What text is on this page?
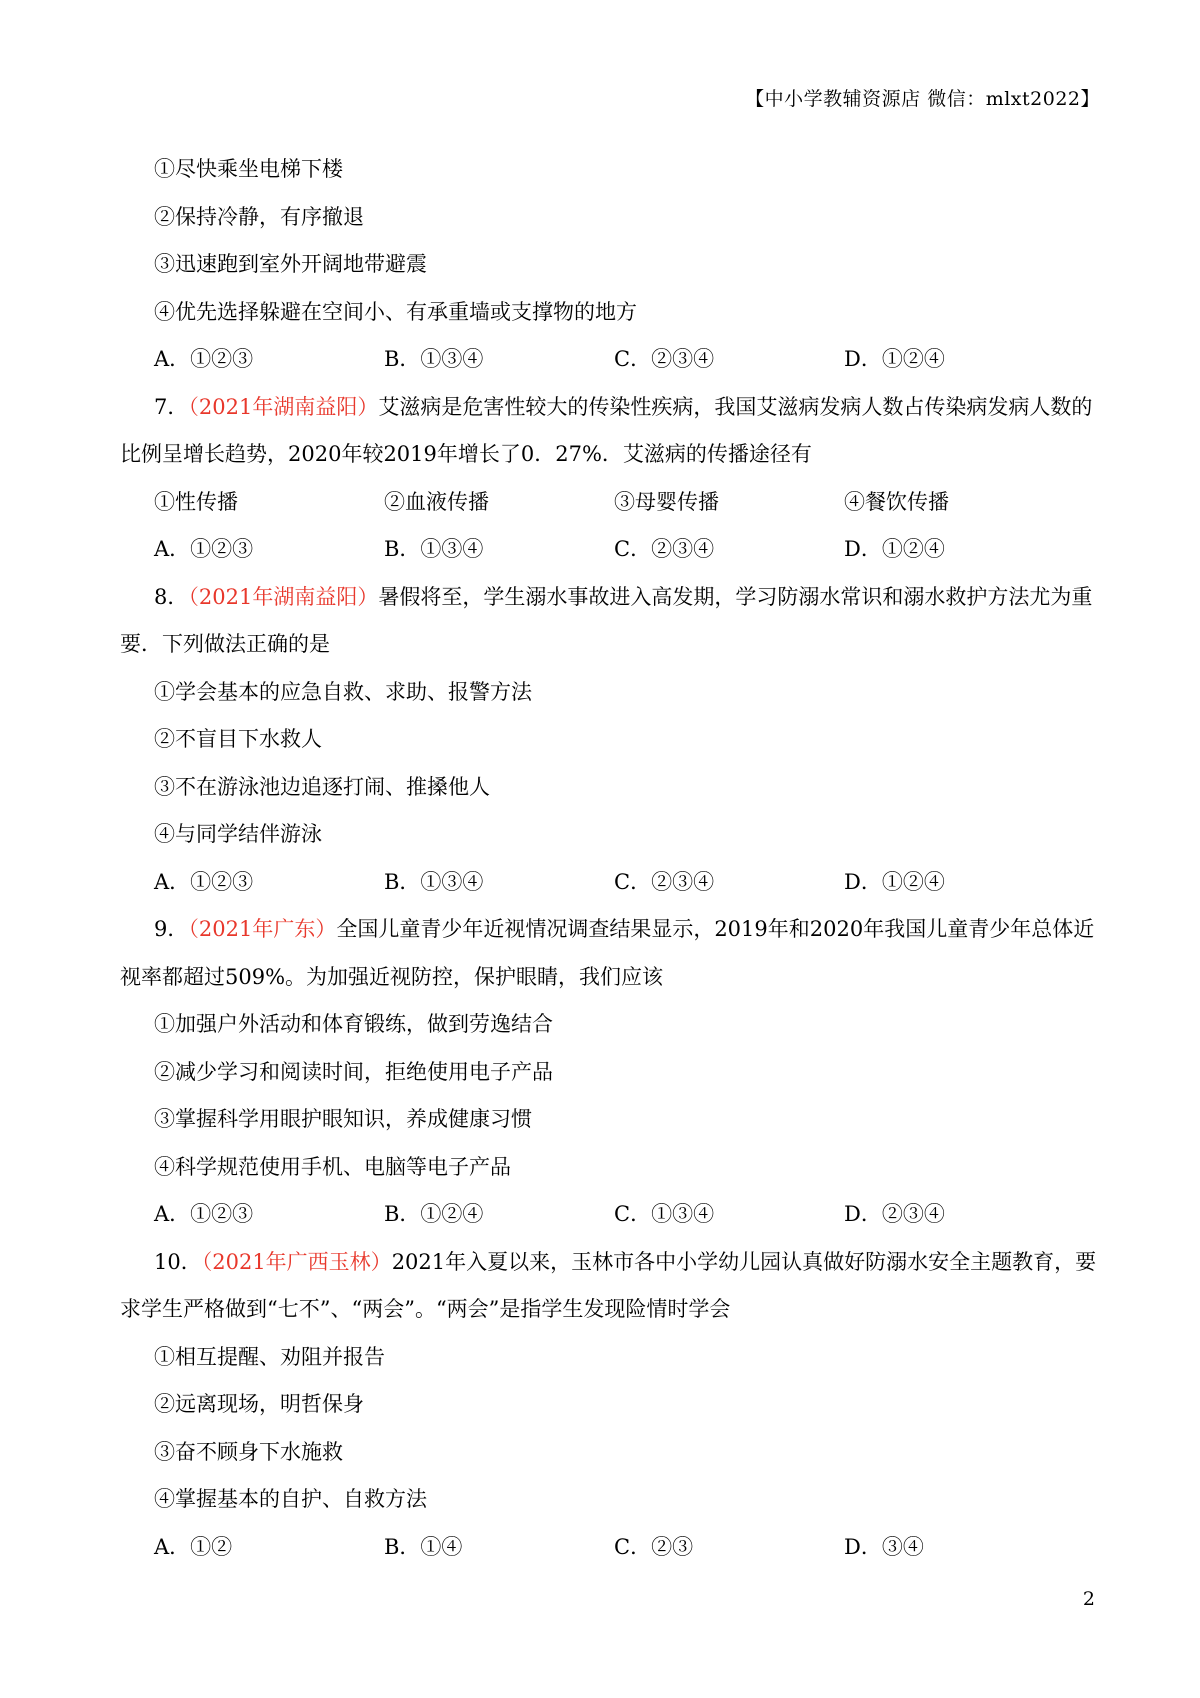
【中小学教辅资源店 微信：mlxt2022】
①尽快乘坐电梯下楼
②保持冷静，有序撤退
③迅速跑到室外开阔地带避震
④优先选择躲避在空间小、有承重墙或支撑物的地方
A．①②③	B．①③④	C．②③④	D．①②④
7．（2021年湖南益阳）艾滋病是危害性较大的传染性疾病，我国艾滋病发病人数占传染病发病人数的
比例呈增长趋势，2020年较2019年增长了0．27%．艾滋病的传播途径有
①性传播	②血液传播	③母婴传播	④餐饮传播
A．①②③	B．①③④	C．②③④	D．①②④
8．（2021年湖南益阳）暑假将至，学生溺水事故进入高发期，学习防溺水常识和溺水救护方法尤为重
要．下列做法正确的是
①学会基本的应急自救、求助、报警方法
②不盲目下水救人
③不在游泳池边追逐打闹、推搡他人
④与同学结伴游泳
A．①②③	B．①③④	C．②③④	D．①②④
9．（2021年广东）全国儿童青少年近视情况调查结果显示，2019年和2020年我国儿童青少年总体近
视率都超过509%。为加强近视防控，保护眼睛，我们应该
①加强户外活动和体育锻练，做到劳逸结合
②减少学习和阅读时间，拒绝使用电子产品
③掌握科学用眼护眼知识，养成健康习惯
④科学规范使用手机、电脑等电子产品
A．①②③	B．①②④	C．①③④	D．②③④
10．（2021年广西玉林）2021年入夏以来，玉林市各中小学幼儿园认真做好防溺水安全主题教育，要
求学生严格做到“七不”、“两会”。“两会”是指学生发现险情时学会
①相互提醒、劝阻并报告
②远离现场，明哲保身
③奋不顾身下水施救
④掌握基本的自护、自救方法
A．①②	B．①④	C．②③	D．③④
2
